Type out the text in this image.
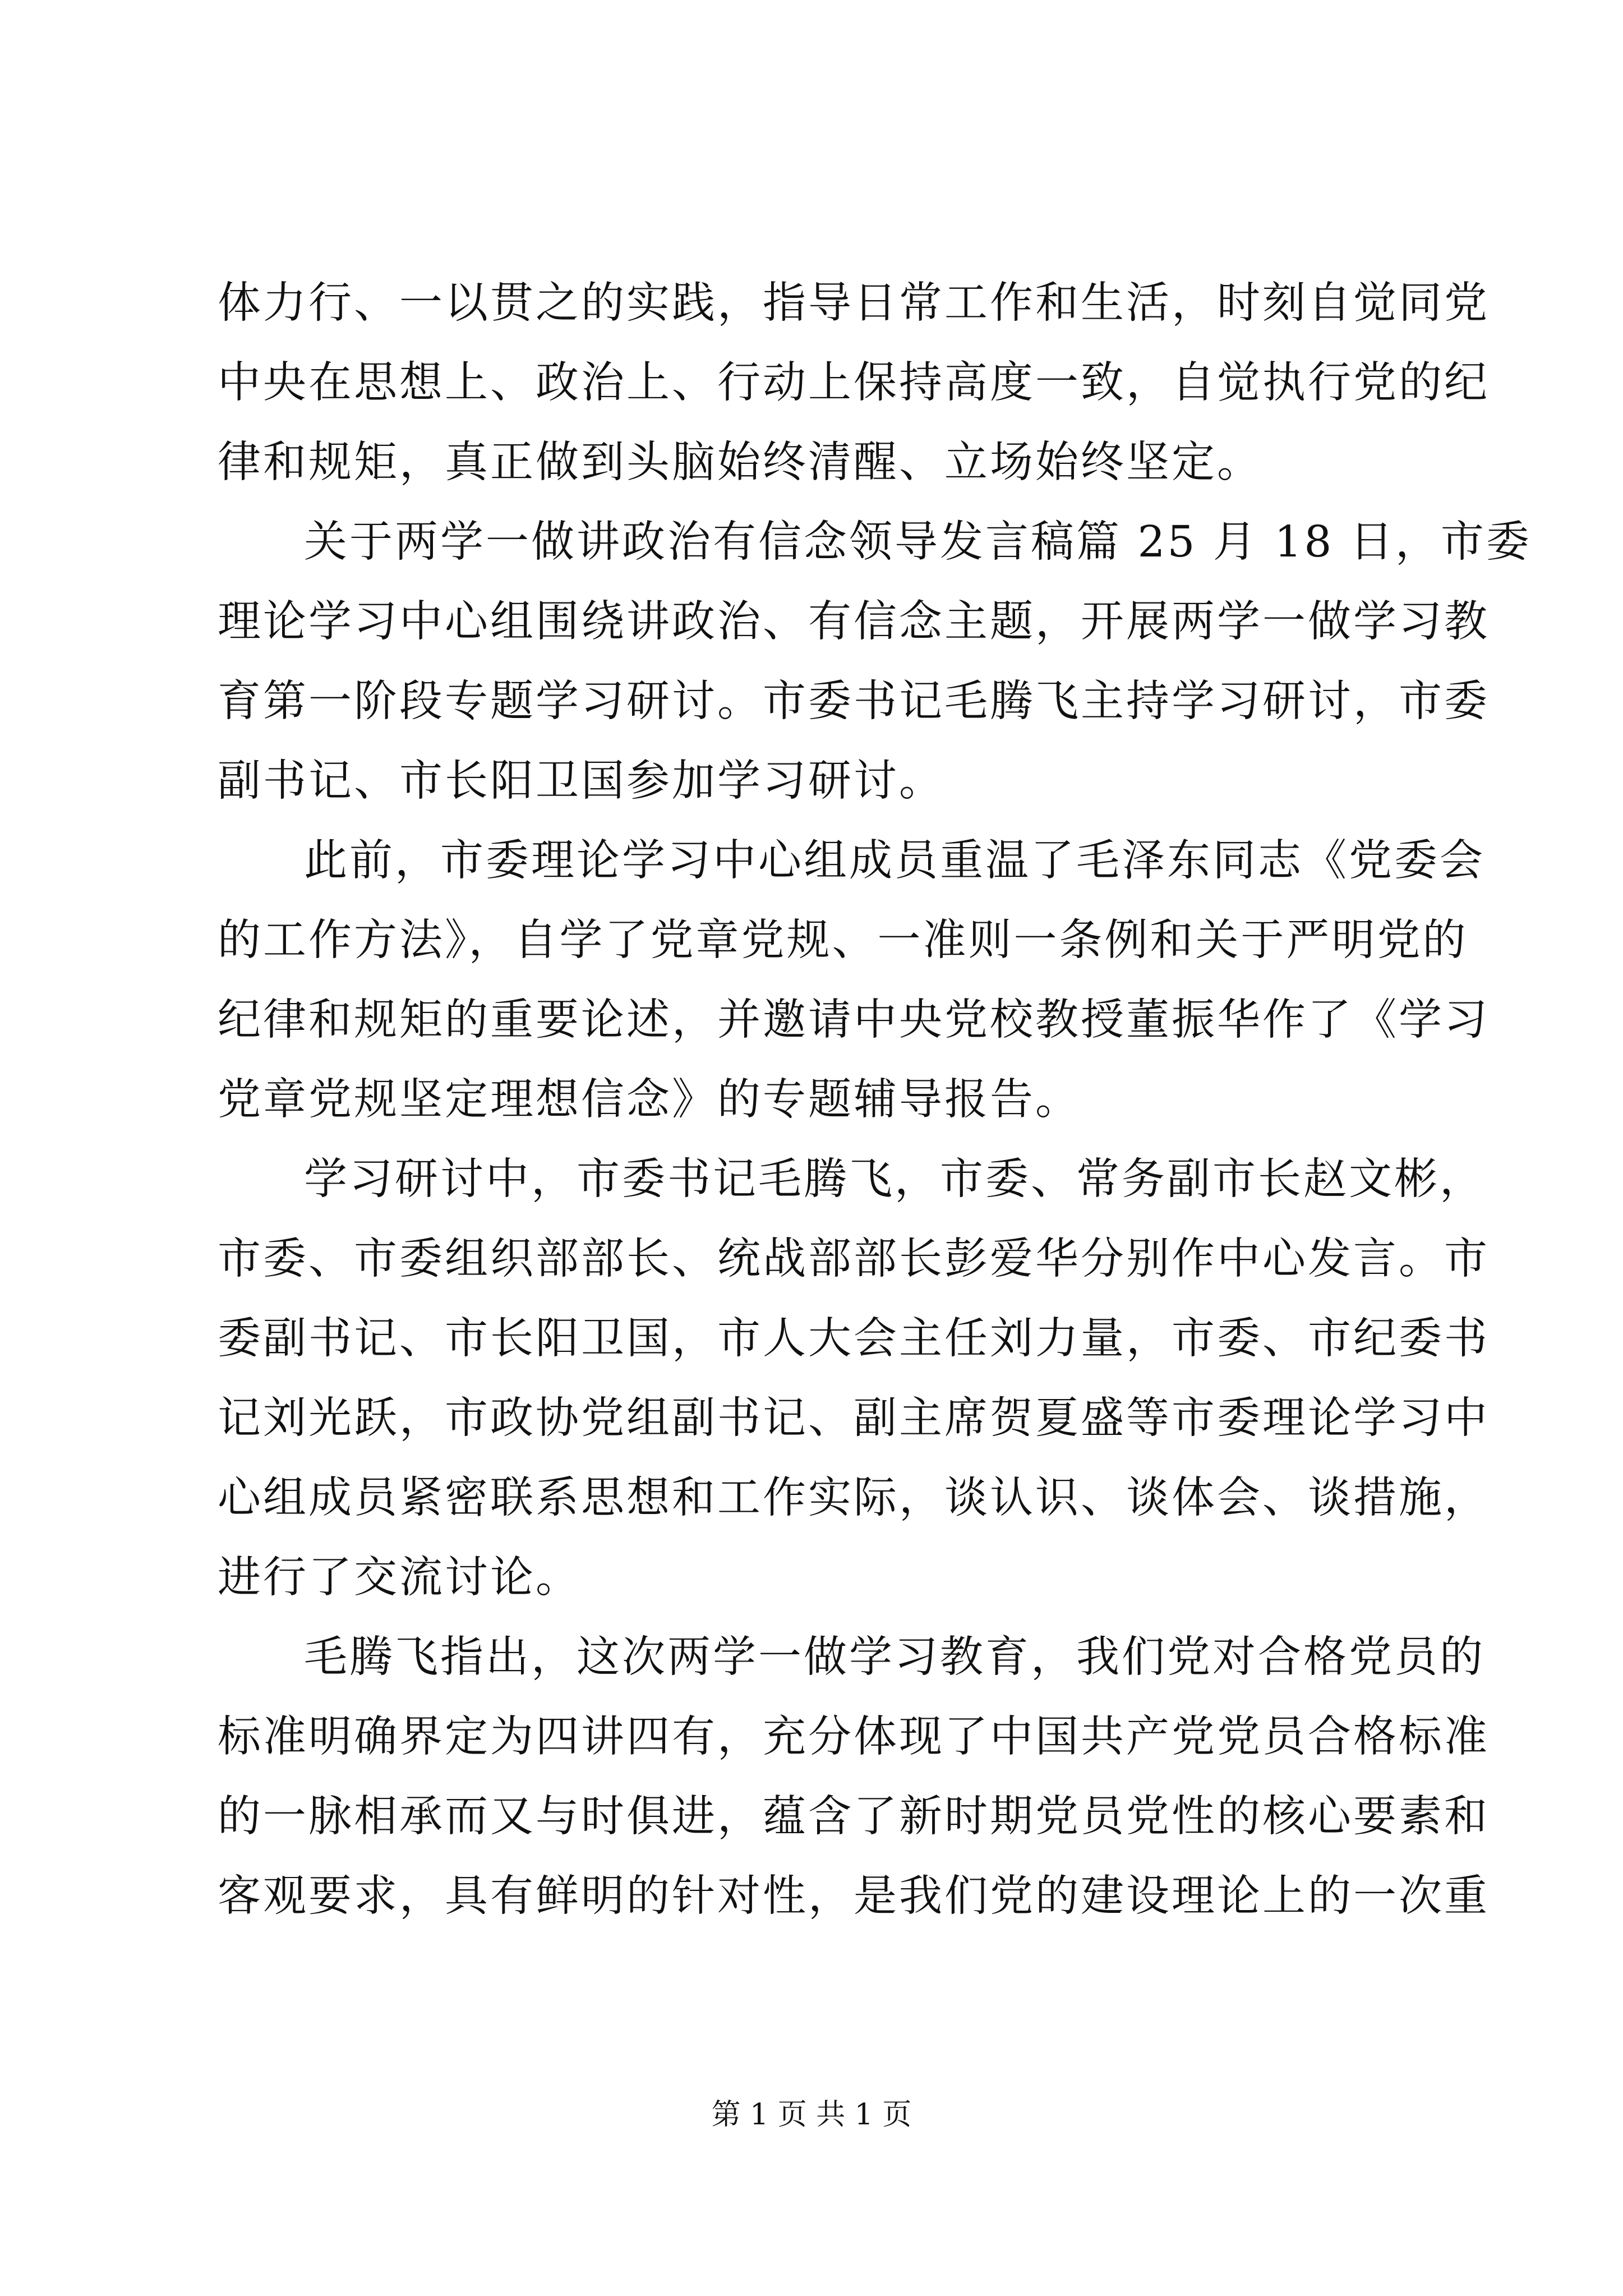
体力行、一以贯之的实践，指导日常工作和生活，时刻自觉同党
中央在思想上、政治上、行动上保持高度一致，自觉执行党的纪
律和规矩，真正做到头脑始终清醒、立场始终坚定。
关于两学一做讲政治有信念领导发言稿篇 25 月 18 日，市委
理论学习中心组围绕讲政治、有信念主题，开展两学一做学习教
育第一阶段专题学习研讨。市委书记毛腾飞主持学习研讨，市委
副书记、市长阳卫国参加学习研讨。
此前，市委理论学习中心组成员重温了毛泽东同志《党委会
的工作方法》，自学了党章党规、一准则一条例和关于严明党的
纪律和规矩的重要论述，并邀请中央党校教授董振华作了《学习
党章党规坚定理想信念》的专题辅导报告。
学习研讨中，市委书记毛腾飞，市委、常务副市长赵文彬，
市委、市委组织部部长、统战部部长彭爱华分别作中心发言。市
委副书记、市长阳卫国，市人大会主任刘力量，市委、市纪委书
记刘光跃，市政协党组副书记、副主席贺夏盛等市委理论学习中
心组成员紧密联系思想和工作实际，谈认识、谈体会、谈措施，
进行了交流讨论。
毛腾飞指出，这次两学一做学习教育，我们党对合格党员的
标准明确界定为四讲四有，充分体现了中国共产党党员合格标准
的一脉相承而又与时俱进，蕴含了新时期党员党性的核心要素和
客观要求，具有鲜明的针对性，是我们党的建设理论上的一次重
第 1 页 共 1 页
